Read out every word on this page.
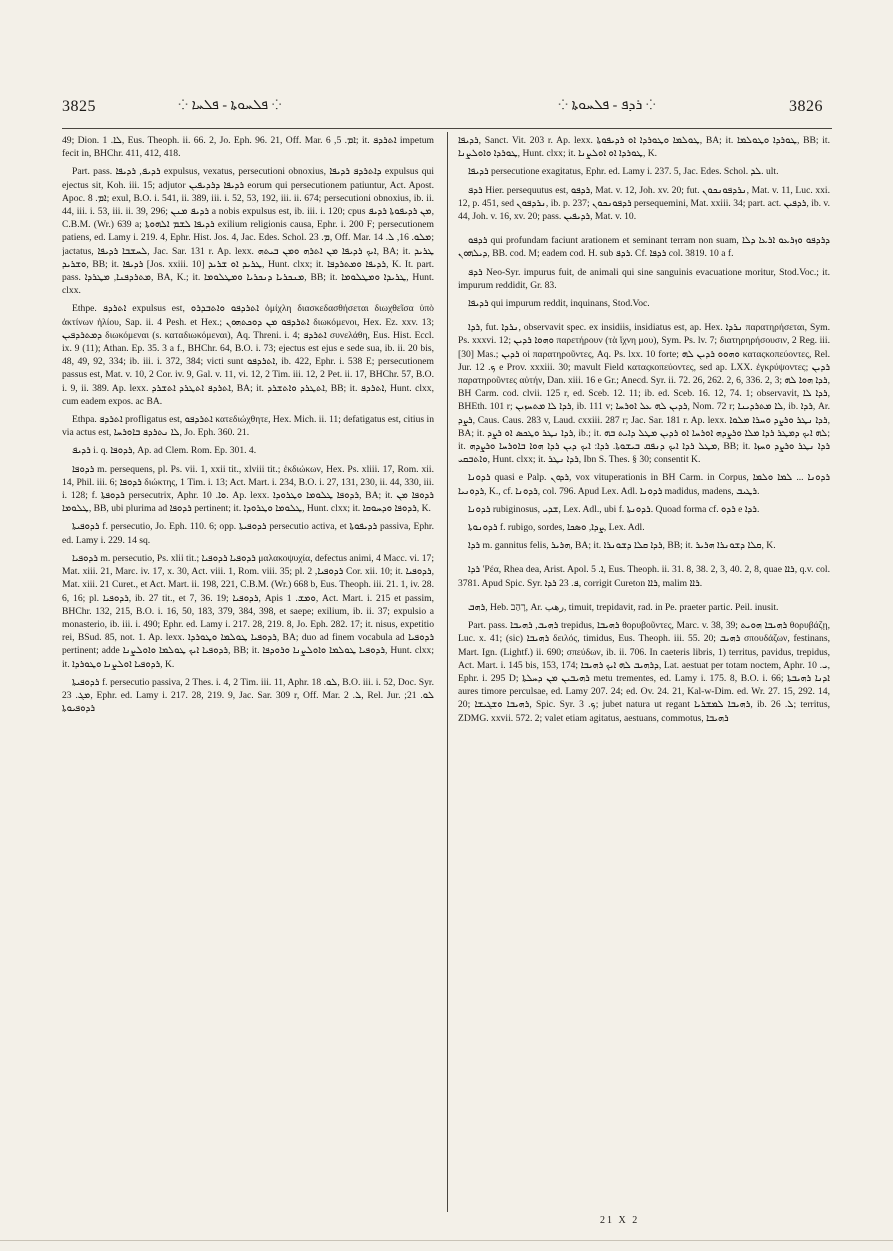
3825	⁘ ܦܠܚܘܬܐ - ܦܠܚܐ ⁘	⁘ ܪܕܦ - ܦܠܚܘܬܐ ⁘	3826

49; Dion. ܠܐ. 1, Eus. Theoph. ii. 66. 2, Jo. Eph. 96. 21, Off. Mar. ܐܡ. 5, 6; it. ܐܬܪܕܦ impetum fecit in, BHChr. 411, 412, 418.

Part. pass. ܪܕܝܦ, ܪܕܝܦܐ expulsus, vexatus, persecutioni obnoxius, ܕܐܬܪܕܦ ܪܕܝܦܐ expulsus qui ejectus sit, Koh. iii. 15; adjutor ܪܕܝܦܐ ܕܪܕܝܦܝܢ eorum qui persecutionem patiuntur, Act. Apost. Apoc. ܐܡ. 8; exul, B.O. i. 541, ii. 389, iii. i. 52, 53, 192, iii. ii. 674; persecutioni obnoxius, ib. ii. 44, iii. i. 53, iii. ii. 39, 296; ܪܕܝܦ ܡܢܢ a nobis expulsus est, ib. iii. i. 120; cpus ܡܢ ܪܕܝܦܘܬܐ ܪܕܝܦ, C.B.M. (Wr.) 639 a; ܪܕܝܦܐ ܠܫܡ ܐܠܗܘܬܐ exilium religionis causa, Ephr. i. 200 F; persecutionem patiens, ed. Lamy i. 219. 4, Ephr. Hist. Jos. 4, Jac. Edes. Schol. ܡ. 23, Off. Mar. ܡܠܘ. 16, ܠ. 14; jactatus, ܠܚܫܒܐ ܪܕܝܦܐ, Jac. Sar. 131 r. Ap. lexx. ܐܝܟ ܪܕܝܦܐ ܡܢ ܐܬܪܗ ܘܡܢ ܒܝܬܗ, BA; it. ܛܪܝܕ ܘܫܪܝܕ, BB; it. ܪܕܝܦܐ [Jos. xxiii. 10] ܛܪܝܕ ܐܘ ܫܪܝܕ, Hunt. clxx; it. ܪܕܝܦܐ ܘܡܬܪܕܦܐ, K. It. part. pass. ܡܬܪܕܦܢܐ, ܡܛܪܕܐ, BA, K.; it. ܡܢܟܪܝܐ ܕܢܟܪܝܐ ܘܡܛܠܘܡܐ, BB; it. ܛܪܝܕܐ ܘܡܛܠܘܡܐ, Hunt. clxx.

Ethpe. ܐܬܪܕܦ expulsus est, ܐܬܪܕܦܘ ܘܐܬܒܕܪܘ ὁμίχλη διασκεδασθήσεται διωχθεῖσα ὑπὸ ἀκτίνων ἡλίου, Sap. ii. 4 Pesh. et Hex.; ܐܬܪܕܦܘ ܡܢ ܕܘܟܬܗܘܢ διωκόμενοι, Hex. Ez. xxv. 13; ܕܡܬܪܕܦܝܢ διωκόμεναι (s. καταδιωκόμεναι), Aq. Threni. i. 4; ܐܬܪܕܦ συνελάθη, Eus. Hist. Eccl. ix. 9 (11); Athan. Ep. 35. 3 a f., BHChr. 64, B.O. i. 73; ejectus est ejus e sede sua, ib. ii. 20 bis, 48, 49, 92, 334; ib. iii. i. 372, 384; victi sunt ܐܬܪܕܦܘ, ib. 422, Ephr. i. 538 E; persecutionem passus est, Mat. v. 10, 2 Cor. iv. 9, Gal. v. 11, vi. 12, 2 Tim. iii. 12, 2 Pet. ii. 17, BHChr. 57, B.O. i. 9, ii. 389. Ap. lexx. ܐܬܪܕܦ ܐܬܛܪܕ ܐܬܫܪܕ, BA; it. ܐܬܛܪܕ ܘܐܬܫܪܕ, BB; it. ܐܬܪܕܦ, Hunt. clxx, cum eadem expos. ac BA.

Ethpa. ܐܬܪܕܦ profligatus est, ܐܬܪܕܦܘ κατεδιώχθητε, Hex. Mich. ii. 11; defatigatus est, citius in via actus est, ܠܐ ܢܬܪܕܦ ܒܐܘܪܚܐ, Jo. Eph. 360. 21.

ܪܕܝܦ i. q. ܪܕܘܦܐ, Ap. ad Clem. Rom. Ep. 301. 4.

ܪܕܘܦܐ m. persequens, pl. Ps. vii. 1, xxii tit., xlviii tit.; ἐκδιώκων, Hex. Ps. xliii. 17, Rom. xii. 14, Phil. iii. 6; ܪܕܘܦܐ διώκτης, 1 Tim. i. 13; Act. Mart. i. 234, B.O. i. 27, 131, 230, ii. 44, 330, iii. i. 128; f. ܪܕܘܦܬܐ persecutrix, Aphr. ܘܐ. 10. Ap. lexx. ܪܕܘܦܐ ܛܠܘܡܐ ܘܛܪܘܕܐ, BA; it. ܪܕܘܦܐ ܡܢ ܛܠܘܡܐ, BB, ubi plurima ad ܪܕܘܦܐ pertinent; it. ܛܠܘܡܐ ܘܛܪܘܕܐ, Hunt. clxx; it. ܪܕܘܦܐ ܘܕܚܘܩܐ, K.

ܪܕܘܦܝܬܐ f. persecutio, Jo. Eph. 110. 6; opp. ܪܕܘܦܝܬܐ persecutio activa, et ܪܕܝܦܘܬܐ passiva, Ephr. ed. Lamy i. 229. 14 sq.

ܪܕܘܦܝܐ m. persecutio, Ps. xlii tit.; ܪܕܘܦܝܐ ܪܕܘܦܝܐ μαλακοψυχία, defectus animi, 4 Macc. vi. 17; Mat. xiii. 21, Marc. iv. 17, x. 30, Act. viii. 1, Rom. viii. 35; pl. ܪܕܘܦܝܐ, 2 Cor. xii. 10; it. ܪܕܘܦܝܐ, Mat. xiii. 21 Curet., et Act. Mart. ii. 198, 221, C.B.M. (Wr.) 668 b, Eus. Theoph. iii. 21. 1, iv. 28. 6, 16; pl. ܪܕܘܦܝܐ, ib. 27 tit., et 7, 36. 19; ܪܕܘܦܝܐ, Apis ܘܡܫ. 1, Act. Mart. i. 215 et passim, BHChr. 132, 215, B.O. i. 16, 50, 183, 379, 384, 398, et saepe; exilium, ib. ii. 37; expulsio a monasterio, ib. iii. i. 490; Ephr. ed. Lamy i. 217. 28, 219. 8, Jo. Eph. 282. 17; it. nisus, expetitio rei, BSud. 85, not. 1. Ap. lexx. ܪܕܘܦܝܐ ܛܘܠܡܐ ܘܛܘܪܕܐ, BA; duo ad finem vocabula ad ܪܕܘܦܝܐ pertinent; adde ܪܕܘܦܝܐ ܐܝܟ ܛܘܠܡܐ ܘܐܘܠܨܢܐ, BB; it. ܪܕܘܦܝܐ ܛܘܠܡܐ ܘܐܘܠܨܢܐ ܘܪܘܕܦܐ, Hunt. clxx; it. ܪܕܘܦܝܐ ܐܘܠܨܢܐ ܘܛܘܪܕܐ, K.

ܪܕܘܦܝܬܐ f. persecutio passiva, 2 Thes. i. 4, 2 Tim. iii. 11, Aphr. ܠܘ. 18, B.O. iii. i. 52, Doc. Syr. ܡܓ. 23, Ephr. ed. Lamy i. 217. 28, 219. 9, Jac. Sar. 309 r, Off. Mar. ܠ. 2, Rel. Jur. ܠܘ. 21; ܪܕܘܦܝܘܬܐ

ܪܕܝܦܐ, Sanct. Vit. 203 r. Ap. lexx. ܛܘܠܡܐ ܘܛܘܪܕܐ ܐܘ ܪܕܝܦܘܬܐ, BA; it. ܛܘܪܕܐ ܘܛܘܠܡܐ, BB; it. ܛܘܪܕܐ ܘܐܘܠܨܢܐ, Hunt. clxx; it. ܛܘܪܕܐ ܐܘ ܐܘܠܨܢܐ, K.

ܪܕܝܦܐ persecutione exagitatus, Ephr. ed. Lamy i. 237. 5, Jac. Edes. Schol. ܠܕ. ult.

ܪܕܦ Hier. persequutus est, ܪܕܦܘ, Mat. v. 12, Joh. xv. 20; fut. ܢܪܕܦܘܢܟܘܢ, Mat. v. 11, Luc. xxi. 12, p. 451, sed ܢܪܕܦܘܢ, ib. p. 237; ܪܕܦܘܢܟܘܢ persequemini, Mat. xxiii. 34; part. act. ܪܕܦܝܢ, ib. v. 44, Joh. v. 16, xv. 20; pass. ܪܕܝܦܝܢ, Mat. v. 10.

ܪܕܦܘ qui profundam faciunt arationem et seminant terram non suam, ܕܪܕܦܘ ܘܙܪܥܘ ܐܪܥܐ ܕܠܐ ܕܝܠܗܘܢ, BB. cod. M; eadem cod. H. sub ܪܕܦ. Cf. ܪܕܦܐ col. 3819. 10 a f.

ܪܕܦ Neo-Syr. impurus fuit, de animali qui sine sanguinis evacuatione moritur, Stod.Voc.; it. impurum reddidit, Gr. 83.

ܪܕܝܦܐ qui impurum reddit, inquinans, Stod.Voc.

ܪܕܐ, fut. ܢܪܕܐ, observavit spec. ex insidiis, insidiatus est, ap. Hex. ܢܪܕܐ παρατηρήσεται, Sym. Ps. xxxvi. 12; ܘܗܘܐ ܪܕܝܢ παρετήρουν (τὰ ἴχνη μου), Sym. Ps. lv. 7; διατηρηρήσουσιν, 2 Reg. iii. [30] Mas.; ܪܕܝܢ οἱ παρατηροῦντες, Aq. Ps. lxx. 10 forte; ܘܗܘܘ ܪܕܝܢ ܠܗ καταςκοπεύοντες, Rel. Jur. ܟ. 12 e Prov. xxxiii. 30; mavult Field καταςκοπεύοντες, sed ap. LXX. ἐγκρύψοντες; ܪܕܝܢ παρατηροῦντες αὐτήν, Dan. xiii. 16 e Gr.; Anecd. Syr. ii. 72. 26, 262. 2, 6, 336. 2, 3; ܪܕܐ ܗܘܐ ܠܗ, BH Carm. cod. clvii. 125 r, ed. Sceb. 12. 11; ib. ed. Sceb. 16. 12, 74. 1; observavit, ܪܕܐ ܠܐ, BHEth. 101 r; ܪܕܐ ܠܐ ܡܬܚܙܝܢ, ib. 111 v; ܪܕܝܢ ܠܗ ܥܠ ܐܘܪܚܐ, Nom. 72 r; ܠܐ ܡܬܪܕܝܢܐ, ib. ܪܕܐ, Ar. ܪܨܕ, Caus. Caus. 283 v, Laud. cxxiii. 287 r; Jac. Sar. 181 r. Ap. lexx. ܪܕܐ ܢܛܪ ܘܪܨܕ ܘܚܪܐ ܡܠܘܐ, BA; it. ܪܕܐ ܢܛܪ ܘܛܟܣ ܐܘ ܪܨܕ, ib.; it. ܠܗ ܐܝܟ ܕܡܛܪ ܪܕܐ ܡܠܐ ܘܪܨܕܗ ܐܘܪܚܐ ܐܘ ܪܕܝܢ ܡܛܠ ܕܐܝܬ ܒܗ; it. ܡܛܠ ܪܕܐ ܐܝܟ ܕܢܦܩ ܒܝܫܘܬܐ. ܪܕܐ: ܐܝܟ ܕܝܢ ܪܕܐ ܗܘܐ ܒܐܘܪܚܐ ܘܪܨܕܗ, BB; it. ܪܕܐ ܢܛܪ ܘܪܨܕ ܘܚܙܐ ܘܐܬܒܩܝ, Hunt. clxx; it. ܪܕܐ ܢܛܪ, Ibn S. Thes. § 30; consentit K.

ܪܕܘܢܐ quasi e Palp. ܪܕܘܢ, vox vituperationis in BH Carm. in Corpus, ܪܕܘܢܐ ... ܠܡܐ ܘܠܡܐ ܪܕܘܢܝܐ, K., cf. ܪܕܘܢܐ, col. 796. Apud Lex. Adl. ܪܕܘܢܐ madidus, madens, ܪܛܝܒ.

ܪܕܘܢܐ rubiginosus, ܫܕܝ, Lex. Adl., ubi f. ܪܕܘܢܬܐ. Quoad forma cf. ܪܕܘ e ܪܕܐ.

ܪܕܘܢܘܬܐ f. rubigo, sordes, ܨܕܐ, ܘܣܟܐ, Lex. Adl.

ܪܕܐ m. gannitus felis, ܗܪܝܪ, BA; it. ܪܕܐ ܩܠܐ ܕܫܘܢܪܐ, BB; it. ܩܠܐ ܕܫܘܢܪܐ ܗܪܝܪ, K.

ܪܕܐ 'Pέα, Rhea dea, Arist. Apol. ܐ. 5, Eus. Theoph. ii. 31. 8, 38. 2, 3, 40. 2, 8, quae ܪܐܐ, q.v. col. 3781. Apud Spic. Syr. ܦ. 23 ܪܕܐ, corrigit Cureton ܪܐܐ, malim ܪܐܐ.

ܪܗܒ, Heb. רָהַב, Ar. رهب, timuit, trepidavit, rad. in Pe. praeter partic. Peil. inusit.

Part. pass. ܪܗܝܒ, ܪܗܝܒܐ trepidus, ܪܗܝܒܐ θορυβοῦντες, Marc. v. 38, 39; ܪܗܝܒܐ ܗܘܝܬ θορυβάζῃ, Luc. x. 41; (sic) ܪܗܝܒܐ δειλός, timidus, Eus. Theoph. iii. 55. 20; ܪܗܝܒ σπουδάζων, festinans, Mart. Ign. (Lightf.) ii. 690; σπεύδων, ib. ii. 706. In caeteris libris, 1) territus, pavidus, trepidus, Act. Mart. i. 145 bis, 153, 174; ܕܪܗܝܒ ܠܗ ܐܝܟ ܪܗܝܒܐ, Lat. aestuat per totam noctem, Aphr. ܝ. 10, Ephr. i. 295 D; ܪܗܝܒܝܢ ܡܢ ܕܚܠܬܐ metu trementes, ed. Lamy i. 175. 8, B.O. i. 66; ܐܕܢܐ ܪܗܝܒܬܐ aures timore perculsae, ed. Lamy 207. 24; ed. Ov. 24. 21, Kal-w-Dim. ed. Wr. 27. 15, 292. 14, 20; ܪܗܝܒܐ ܘܫܓܝܫܐ, Spic. Syr. ܟ. 3; jubet natura ut regant ܪܗܝܒܐ ܠܡܫܪܝܐ, ib. ܠ. 26; territus, ZDMG. xxvii. 572. 2; valet etiam agitatus, aestuans, commotus, ܪܗܝܒܐ

21 X 2
